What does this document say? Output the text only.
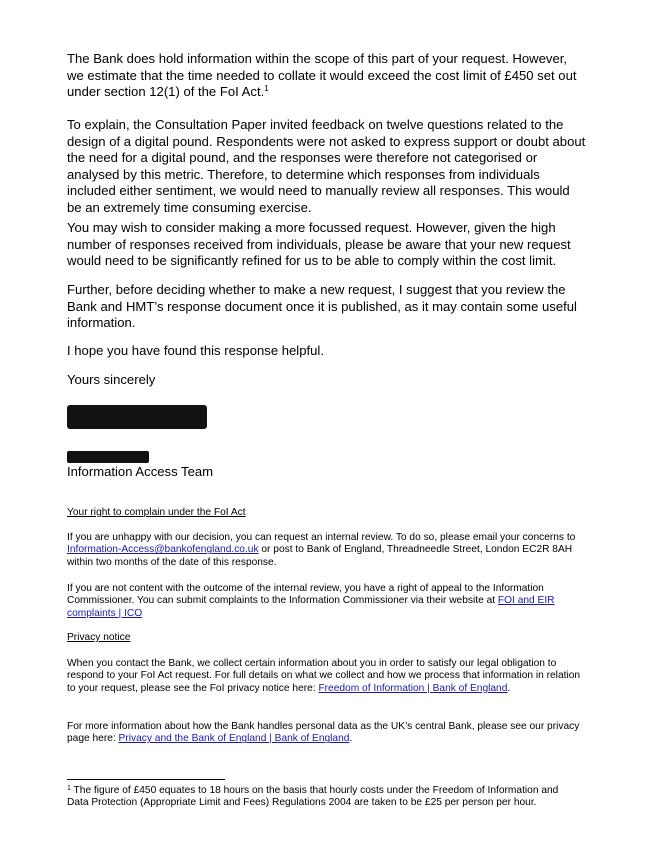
The Bank does hold information within the scope of this part of your request. However, we estimate that the time needed to collate it would exceed the cost limit of £450 set out under section 12(1) of the FoI Act.$^1$

To explain, the Consultation Paper invited feedback on twelve questions related to the design of a digital pound. Respondents were not asked to express support or doubt about the need for a digital pound, and the responses were therefore not categorised or analysed by this metric. Therefore, to determine which responses from individuals included either sentiment, we would need to manually review all responses. This would be an extremely time consuming exercise.

You may wish to consider making a more focussed request. However, given the high number of responses received from individuals, please be aware that your new request would need to be significantly refined for us to be able to comply within the cost limit.

Further, before deciding whether to make a new request, I suggest that you review the Bank and HMT’s response document once it is published, as it may contain some useful information.

I hope you have found this response helpful.

Yours sincerely

Information Access Team

Your right to complain under the FoI Act

If you are unhappy with our decision, you can request an internal review. To do so, please email your concerns to Information-Access@bankofengland.co.uk or post to Bank of England, Threadneedle Street, London EC2R 8AH within two months of the date of this response.

If you are not content with the outcome of the internal review, you have a right of appeal to the Information Commissioner. You can submit complaints to the Information Commissioner via their website at FOI and EIR complaints | ICO

Privacy notice

When you contact the Bank, we collect certain information about you in order to satisfy our legal obligation to respond to your FoI Act request. For full details on what we collect and how we process that information in relation to your request, please see the FoI privacy notice here: Freedom of Information | Bank of England.

For more information about how the Bank handles personal data as the UK’s central Bank, please see our privacy page here: Privacy and the Bank of England | Bank of England.

$^1$ The figure of £450 equates to 18 hours on the basis that hourly costs under the Freedom of Information and Data Protection (Appropriate Limit and Fees) Regulations 2004 are taken to be £25 per person per hour.
